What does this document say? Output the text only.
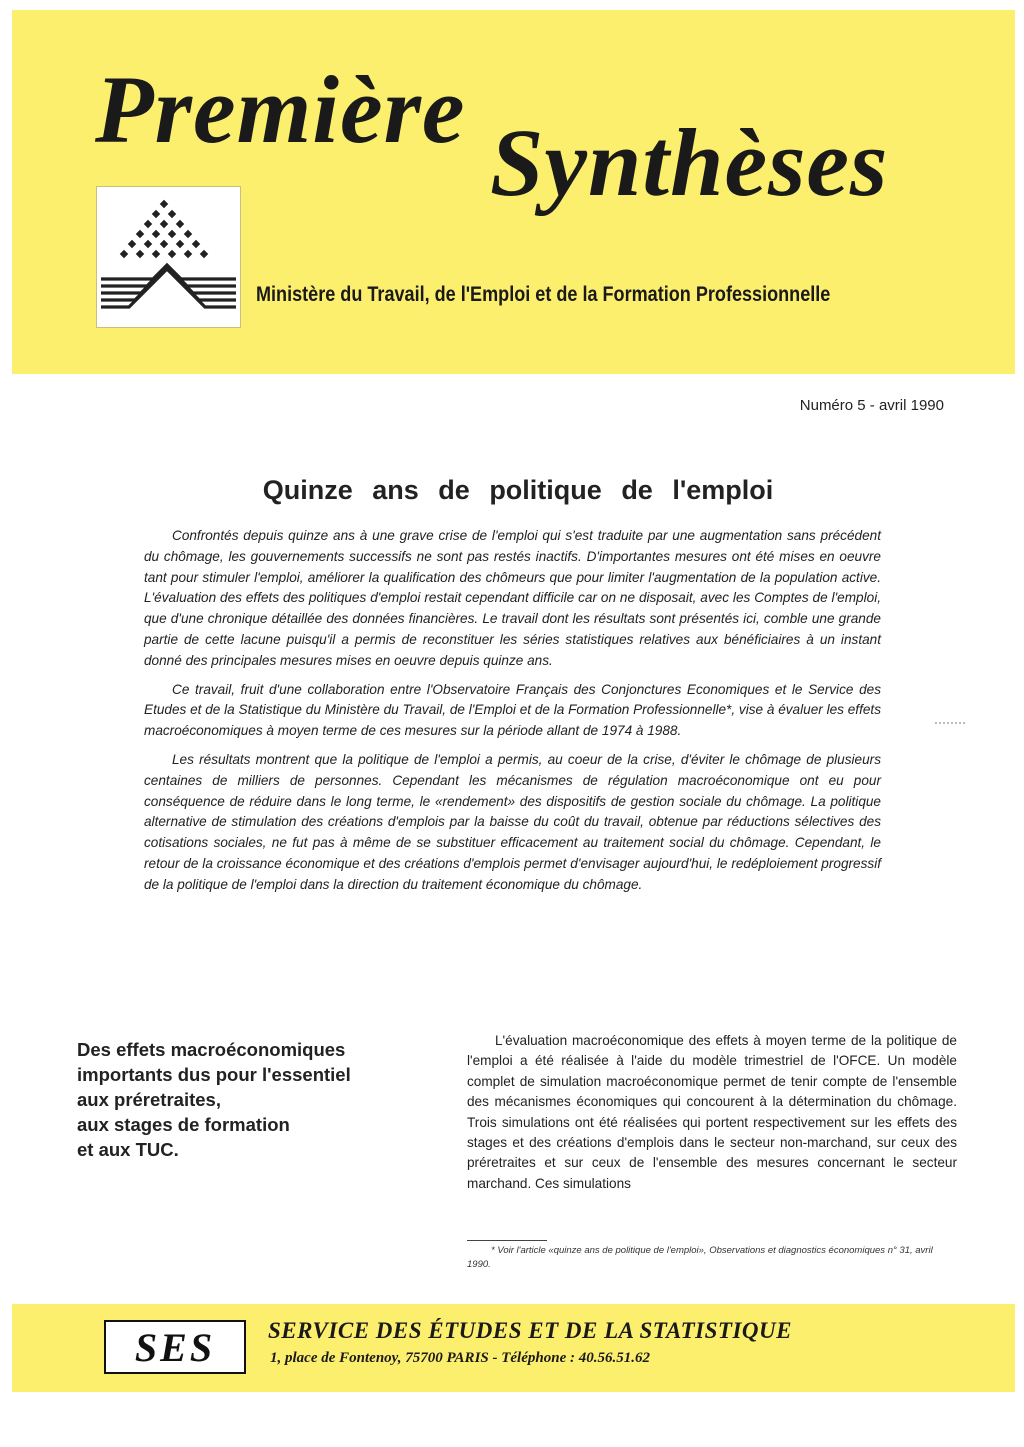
Première Synthèses
Ministère du Travail, de l'Emploi et de la Formation Professionnelle
Numéro 5 - avril 1990
Quinze ans de politique de l'emploi

Confrontés depuis quinze ans à une grave crise de l'emploi qui s'est traduite par une augmentation sans précédent du chômage, les gouvernements successifs ne sont pas restés inactifs. D'importantes mesures ont été mises en oeuvre tant pour stimuler l'emploi, améliorer la qualification des chômeurs que pour limiter l'augmentation de la population active. L'évaluation des effets des politiques d'emploi restait cependant difficile car on ne disposait, avec les Comptes de l'emploi, que d'une chronique détaillée des données financières. Le travail dont les résultats sont présentés ici, comble une grande partie de cette lacune puisqu'il a permis de reconstituer les séries statistiques relatives aux bénéficiaires à un instant donné des principales mesures mises en oeuvre depuis quinze ans.

Ce travail, fruit d'une collaboration entre l'Observatoire Français des Conjonctures Economiques et le Service des Etudes et de la Statistique du Ministère du Travail, de l'Emploi et de la Formation Professionnelle*, vise à évaluer les effets macroéconomiques à moyen terme de ces mesures sur la période allant de 1974 à 1988.

Les résultats montrent que la politique de l'emploi a permis, au coeur de la crise, d'éviter le chômage de plusieurs centaines de milliers de personnes. Cependant les mécanismes de régulation macroéconomique ont eu pour conséquence de réduire dans le long terme, le «rendement» des dispositifs de gestion sociale du chômage. La politique alternative de stimulation des créations d'emplois par la baisse du coût du travail, obtenue par réductions sélectives des cotisations sociales, ne fut pas à même de se substituer efficacement au traitement social du chômage. Cependant, le retour de la croissance économique et des créations d'emplois permet d'envisager aujourd'hui, le redéploiement progressif de la politique de l'emploi dans la direction du traitement économique du chômage.

Des effets macroéconomiques
importants dus pour l'essentiel
aux préretraites,
aux stages de formation
et aux TUC.

L'évaluation macroéconomique des effets à moyen terme de la politique de l'emploi a été réalisée à l'aide du modèle trimestriel de l'OFCE. Un modèle complet de simulation macroéconomique permet de tenir compte de l'ensemble des mécanismes économiques qui concourent à la détermination du chômage. Trois simulations ont été réalisées qui portent respectivement sur les effets des stages et des créations d'emplois dans le secteur non-marchand, sur ceux des préretraites et sur ceux de l'ensemble des mesures concernant le secteur marchand. Ces simulations

* Voir l'article «quinze ans de politique de l'emploi», Observations et diagnostics économiques n° 31, avril 1990.
SES	SERVICE DES ÉTUDES ET DE LA STATISTIQUE
1, place de Fontenoy, 75700 PARIS - Téléphone : 40.56.51.62
